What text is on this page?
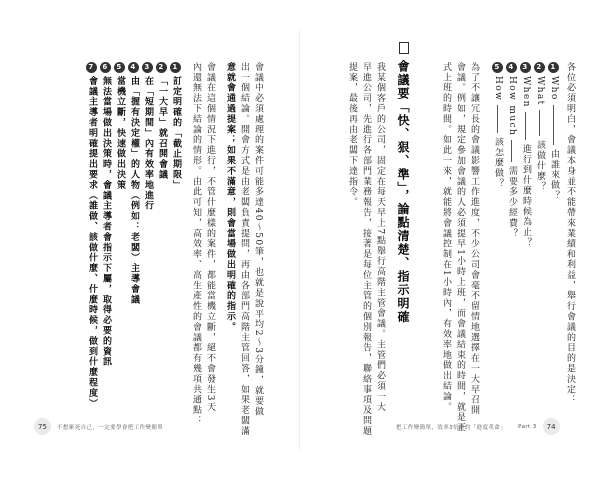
各位必須明白，會議本身並不能帶來業績和利益，舉行會議的目的是決定：
1
Who
由誰來做？
2
What
該做什麼？
3
When
進行到什麼時候為止？
4
How much
需要多少經費？
5
How
該怎麼做？
為了不讓冗長的會議影響工作進度，不少公司會毫不留情地選擇在一大早召開
會議。例如，規定參加會議的人必須提早1小時上班，而會議結束的時間，就是正
式上班的時間。如此一來，就能將會議控制在1小時內，有效率地做出結論。
會議要「快、狠、準」，論點清楚、指示明確
我某個客戶的公司，固定在每天早上7點舉行高階主管會議。主管們必須一大
早進公司，先進行各部門業務報告，接著是每位主管的個別報告，聯絡事項及問題
提案，最後再由老闆下達指令。
把工作變簡單，效率3倍跳的「進度革命」 Part 3	74
會議中必須處理的案件可能多達40～50筆，也就是說平均2～3分鐘，就要做
出一個結論。開會方式是由老闆負責提問，再由各部門高階主管回答，如果老闆滿
意就會通過提案；如果不滿意，則會當場做出明確的指示。
會議在這個情況下進行，不管什麼樣的案件，都能當機立斷，絕不會發生3天
內還無法下結論的情形。由此可知，高效率、高生產性的會議都有幾項共通點：
1
訂定明確的「截止期限」
2
「一大早」就召開會議
3
在「短期間」內有效率地進行
4
由「握有決定權」的人物（例如：老闆）主導會議
5
當機立斷，快速做出決策
6
無法當場做出決策時，會議主導者會指示下屬，取得必要的資訊
7
會議主導者明確提出要求（誰做、該做什麼、什麼時候，做到什麼程度）
75	不想累死自己，一定要學會把工作變簡單
